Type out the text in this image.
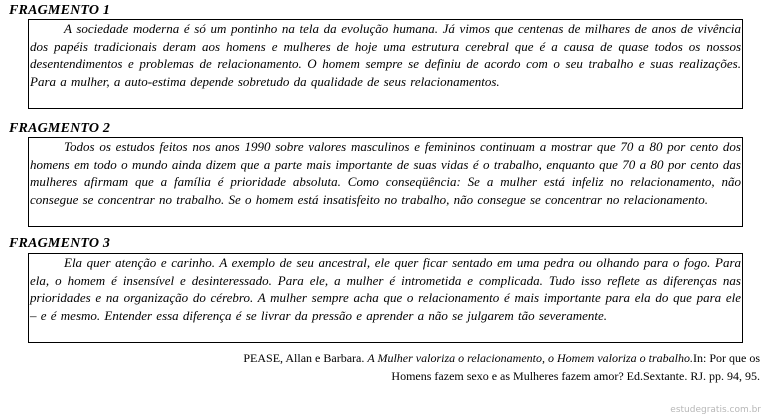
FRAGMENTO 1
A sociedade moderna é só um pontinho na tela da evolução humana. Já vimos que centenas de milhares de anos de vivência dos papéis tradicionais deram aos homens e mulheres de hoje uma estrutura cerebral que é a causa de quase todos os nossos desentendimentos e problemas de relacionamento. O homem sempre se definiu de acordo com o seu trabalho e suas realizações. Para a mulher, a auto-estima depende sobretudo da qualidade de seus relacionamentos.
FRAGMENTO 2
Todos os estudos feitos nos anos 1990 sobre valores masculinos e femininos continuam a mostrar que 70 a 80 por cento dos homens em todo o mundo ainda dizem que a parte mais importante de suas vidas é o trabalho, enquanto que 70 a 80 por cento das mulheres afirmam que a família é prioridade absoluta. Como conseqüência: Se a mulher está infeliz no relacionamento, não consegue se concentrar no trabalho. Se o homem está insatisfeito no trabalho, não consegue se concentrar no relacionamento.
FRAGMENTO 3
Ela quer atenção e carinho. A exemplo de seu ancestral, ele quer ficar sentado em uma pedra ou olhando para o fogo. Para ela, o homem é insensível e desinteressado. Para ele, a mulher é intrometida e complicada. Tudo isso reflete as diferenças nas prioridades e na organização do cérebro. A mulher sempre acha que o relacionamento é mais importante para ela do que para ele – e é mesmo. Entender essa diferença é se livrar da pressão e aprender a não se julgarem tão severamente.
PEASE, Allan e Barbara. A Mulher valoriza o relacionamento, o Homem valoriza o trabalho.In: Por que os
Homens fazem sexo e as Mulheres fazem amor? Ed.Sextante. RJ. pp. 94, 95.
estudegratis.com.br
